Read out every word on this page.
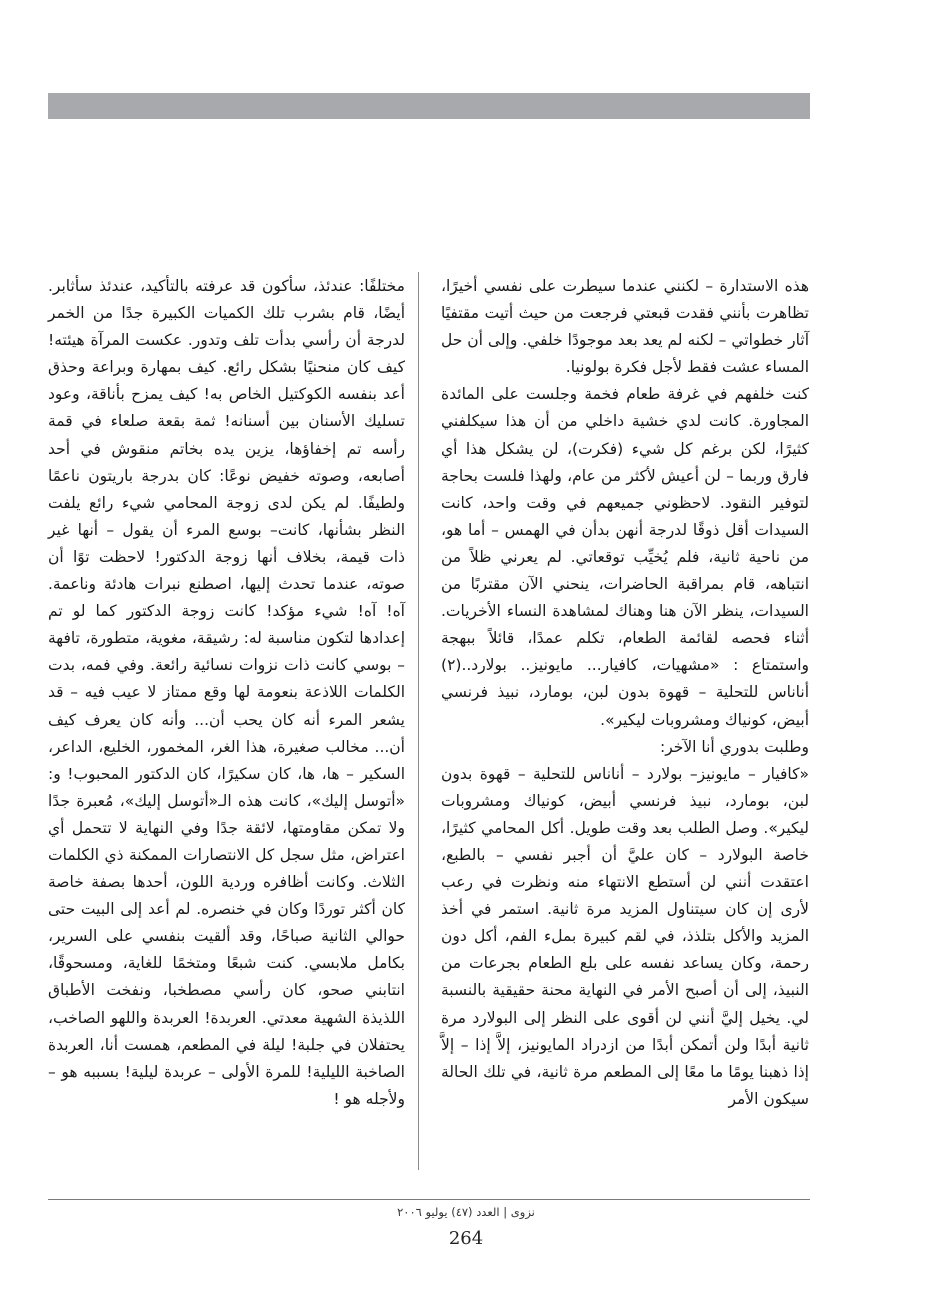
هذه الاستدارة – لكنني عندما سيطرت على نفسي أخيرًا، تظاهرت بأنني فقدت قبعتي فرجعت من حيث أتيت مقتفيًا آثار خطواتي – لكنه لم يعد بعد موجودًا خلفي. وإلى أن حل المساء عشت فقط لأجل فكرة بولونيا.

كنت خلفهم في غرفة طعام فخمة وجلست على المائدة المجاورة. كانت لدي خشية داخلي من أن هذا سيكلفني كثيرًا، لكن برغم كل شيء (فكرت)، لن يشكل هذا أي فارق وربما – لن أعيش لأكثر من عام، ولهذا فلست بحاجة لتوفير النقود. لاحظوني جميعهم في وقت واحد، كانت السيدات أقل ذوقًا لدرجة أنهن بدأن في الهمس – أما هو، من ناحية ثانية، فلم يُخيِّب توقعاتي. لم يعرني ظلاً من انتباهه، قام بمراقبة الحاضرات، ينحني الآن مقتربًا من السيدات، ينظر الآن هنا وهناك لمشاهدة النساء الأخريات. أثناء فحصه لقائمة الطعام، تكلم عمدًا، قائلاً ببهجة واستمتاع : «مشهيات، كافيار... مايونيز.. بولارد..(٢) أناناس للتحلية – قهوة بدون لبن، بومارد، نبيذ فرنسي أبيض، كونياك ومشروبات ليكير».

وطلبت بدوري أنا الآخر:

«كافيار – مايونيز– بولارد – أناناس للتحلية – قهوة بدون لبن، بومارد، نبيذ فرنسي أبيض، كونياك ومشروبات ليكير». وصل الطلب بعد وقت طويل. أكل المحامي كثيرًا، خاصة البولارد – كان عليَّ أن أجبر نفسي – بالطبع، اعتقدت أنني لن أستطع الانتهاء منه ونظرت في رعب لأرى إن كان سيتناول المزيد مرة ثانية. استمر في أخذ المزيد والأكل بتلذذ، في لقم كبيرة بملء الفم، أكل دون رحمة، وكان يساعد نفسه على بلع الطعام بجرعات من النبيذ، إلى أن أصبح الأمر في النهاية محنة حقيقية بالنسبة لي. يخيل إليَّ أنني لن أقوى على النظر إلى البولارد مرة ثانية أبدًا ولن أتمكن أبدًا من ازدراد المايونيز، إلاَّ إذا – إلاَّ إذا ذهبنا يومًا ما معًا إلى المطعم مرة ثانية، في تلك الحالة سيكون الأمر

مختلفًا: عندئذ، سأكون قد عرفته بالتأكيد، عندئذ سأثابر. أيضًا، قام بشرب تلك الكميات الكبيرة جدًا من الخمر لدرجة أن رأسي بدأت تلف وتدور. عكست المرآة هيئته! كيف كان منحنيًا بشكل رائع. كيف بمهارة وبراعة وحذق أعد بنفسه الكوكتيل الخاص به! كيف يمزح بأناقة، وعود تسليك الأسنان بين أسنانه! ثمة بقعة صلعاء في قمة رأسه تم إخفاؤها، يزين يده بخاتم منقوش في أحد أصابعه، وصوته خفيض نوعًا: كان بدرجة باريتون ناعمًا ولطيفًا. لم يكن لدى زوجة المحامي شيء رائع يلفت النظر بشأنها، كانت– بوسع المرء أن يقول – أنها غير ذات قيمة، بخلاف أنها زوجة الدكتور! لاحظت توًا أن صوته، عندما تحدث إليها، اصطنع نبرات هادئة وناعمة. آه! آه! شيء مؤكد! كانت زوجة الدكتور كما لو تم إعدادها لتكون مناسبة له: رشيقة، مغوية، متطورة، تافهة – بوسي كانت ذات نزوات نسائية رائعة. وفي فمه، بدت الكلمات اللاذعة بنعومة لها وقع ممتاز لا عيب فيه – قد يشعر المرء أنه كان يحب أن... وأنه كان يعرف كيف أن... مخالب صغيرة، هذا الغر، المخمور، الخليع، الداعر، السكير – ها، ها، كان سكيرًا، كان الدكتور المحبوب! و: «أتوسل إليك»، كانت هذه الـ«أتوسل إليك»، مُعبرة جدًا ولا تمكن مقاومتها، لائقة جدًا وفي النهاية لا تتحمل أي اعتراض، مثل سجل كل الانتصارات الممكنة ذي الكلمات الثلاث. وكانت أظافره وردية اللون، أحدها بصفة خاصة كان أكثر توردًا وكان في خنصره. لم أعد إلى البيت حتى حوالي الثانية صباحًا، وقد ألقيت بنفسي على السرير، بكامل ملابسي. كنت شبعًا ومتخمًا للغاية، ومسحوقًا، انتابني صحو، كان رأسي مصطخبا، ونفخت الأطباق اللذيذة الشهية معدتي. العربدة! العربدة واللهو الصاخب، يحتفلان في جلبة! ليلة في المطعم، همست أنا، العربدة الصاخبة الليلية! للمرة الأولى – عربدة ليلية! بسببه هو – ولأجله هو !

نزوى | العدد (٤٧) يوليو ٢٠٠٦
264
